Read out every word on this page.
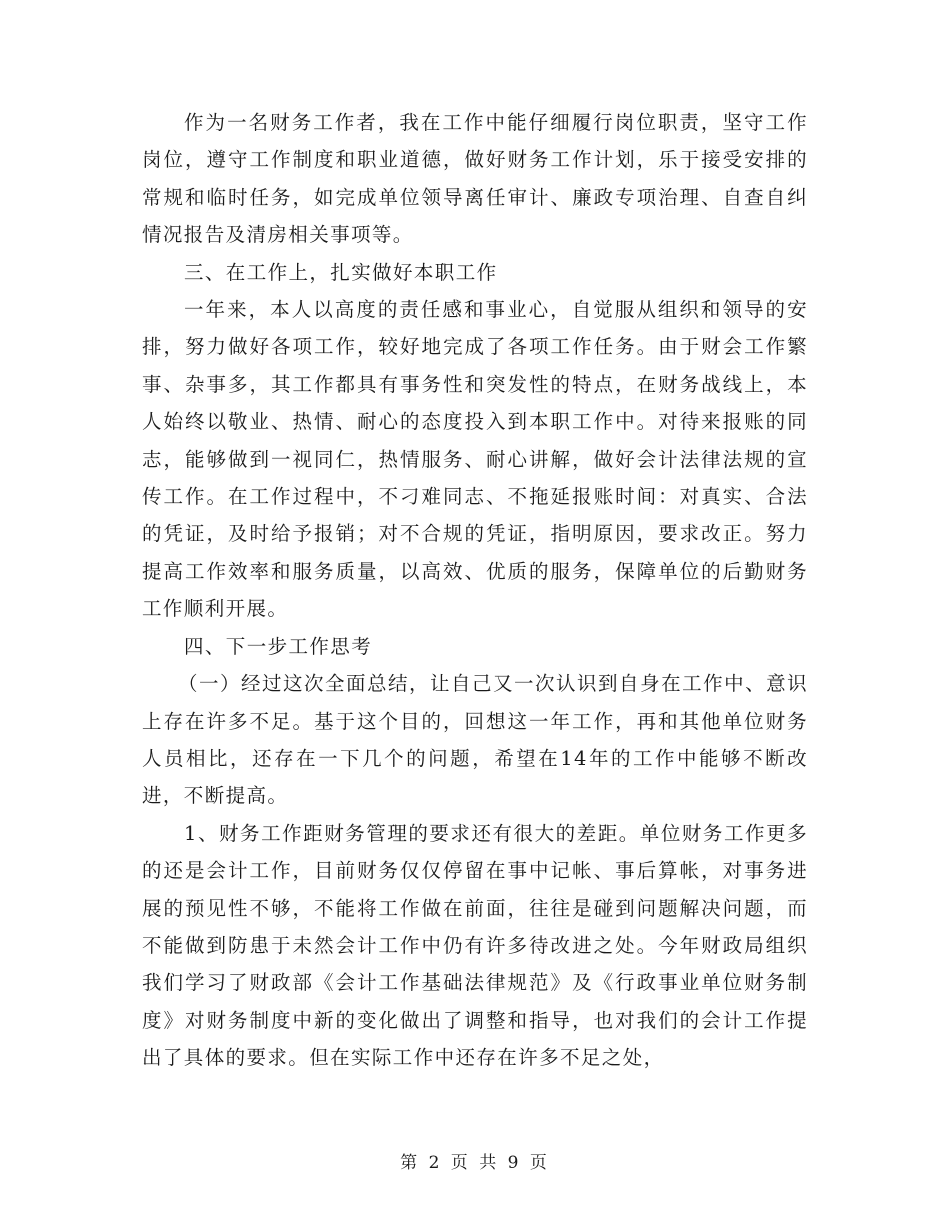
作为一名财务工作者，我在工作中能仔细履行岗位职责，坚守工作岗位，遵守工作制度和职业道德，做好财务工作计划，乐于接受安排的常规和临时任务，如完成单位领导离任审计、廉政专项治理、自查自纠情况报告及清房相关事项等。

三、在工作上，扎实做好本职工作

一年来，本人以高度的责任感和事业心，自觉服从组织和领导的安排，努力做好各项工作，较好地完成了各项工作任务。由于财会工作繁事、杂事多，其工作都具有事务性和突发性的特点，在财务战线上，本人始终以敬业、热情、耐心的态度投入到本职工作中。对待来报账的同志，能够做到一视同仁，热情服务、耐心讲解，做好会计法律法规的宣传工作。在工作过程中，不刁难同志、不拖延报账时间：对真实、合法的凭证，及时给予报销；对不合规的凭证，指明原因，要求改正。努力提高工作效率和服务质量，以高效、优质的服务，保障单位的后勤财务工作顺利开展。

四、下一步工作思考

（一）经过这次全面总结，让自己又一次认识到自身在工作中、意识上存在许多不足。基于这个目的，回想这一年工作，再和其他单位财务人员相比，还存在一下几个的问题，希望在14年的工作中能够不断改进，不断提高。

1、财务工作距财务管理的要求还有很大的差距。单位财务工作更多的还是会计工作，目前财务仅仅停留在事中记帐、事后算帐，对事务进展的预见性不够，不能将工作做在前面，往往是碰到问题解决问题，而不能做到防患于未然会计工作中仍有许多待改进之处。今年财政局组织我们学习了财政部《会计工作基础法律规范》及《行政事业单位财务制度》对财务制度中新的变化做出了调整和指导，也对我们的会计工作提出了具体的要求。但在实际工作中还存在许多不足之处，

第 2 页 共 9 页
